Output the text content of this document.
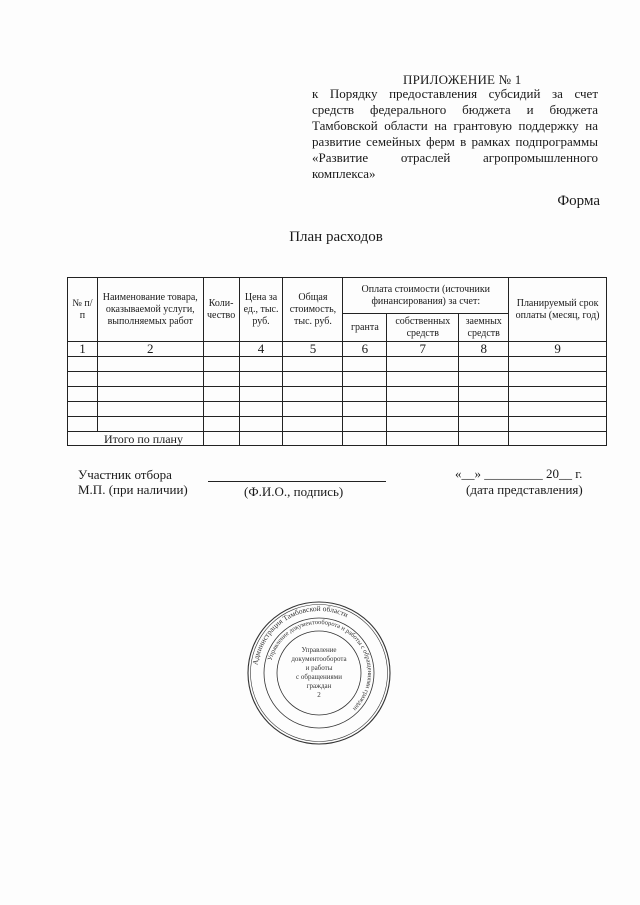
ПРИЛОЖЕНИЕ № 1
к Порядку предоставления субсидий за счет
средств федерального бюджета и бюджета
Тамбовской области на грантовую поддержку на
развитие семейных ферм в рамках подпрограммы
«Развитие отраслей агропромышленного
комплекса»
Форма
План расходов
№ п/п	Наименование товара, оказываемой услуги, выполняемых работ	Коли-чество	Цена за ед., тыс. руб.	Общая стоимость, тыс. руб.	Оплата стоимости (источники финансирования) за счет:			Планируемый срок оплаты (месяц, год)
					гранта	собственных средств	заемных средств	
1	2		4	5	6	7	8	9

Итого по плану								
Участник отбора
М.П. (при наличии)	(Ф.И.О., подпись)
«__» _________ 20__ г.
(дата представления)
Администрация Тамбовской области
Управление документооборота и работы с обращениями граждан
Управление
документооборота
и работы
с обращениями
граждан
2
